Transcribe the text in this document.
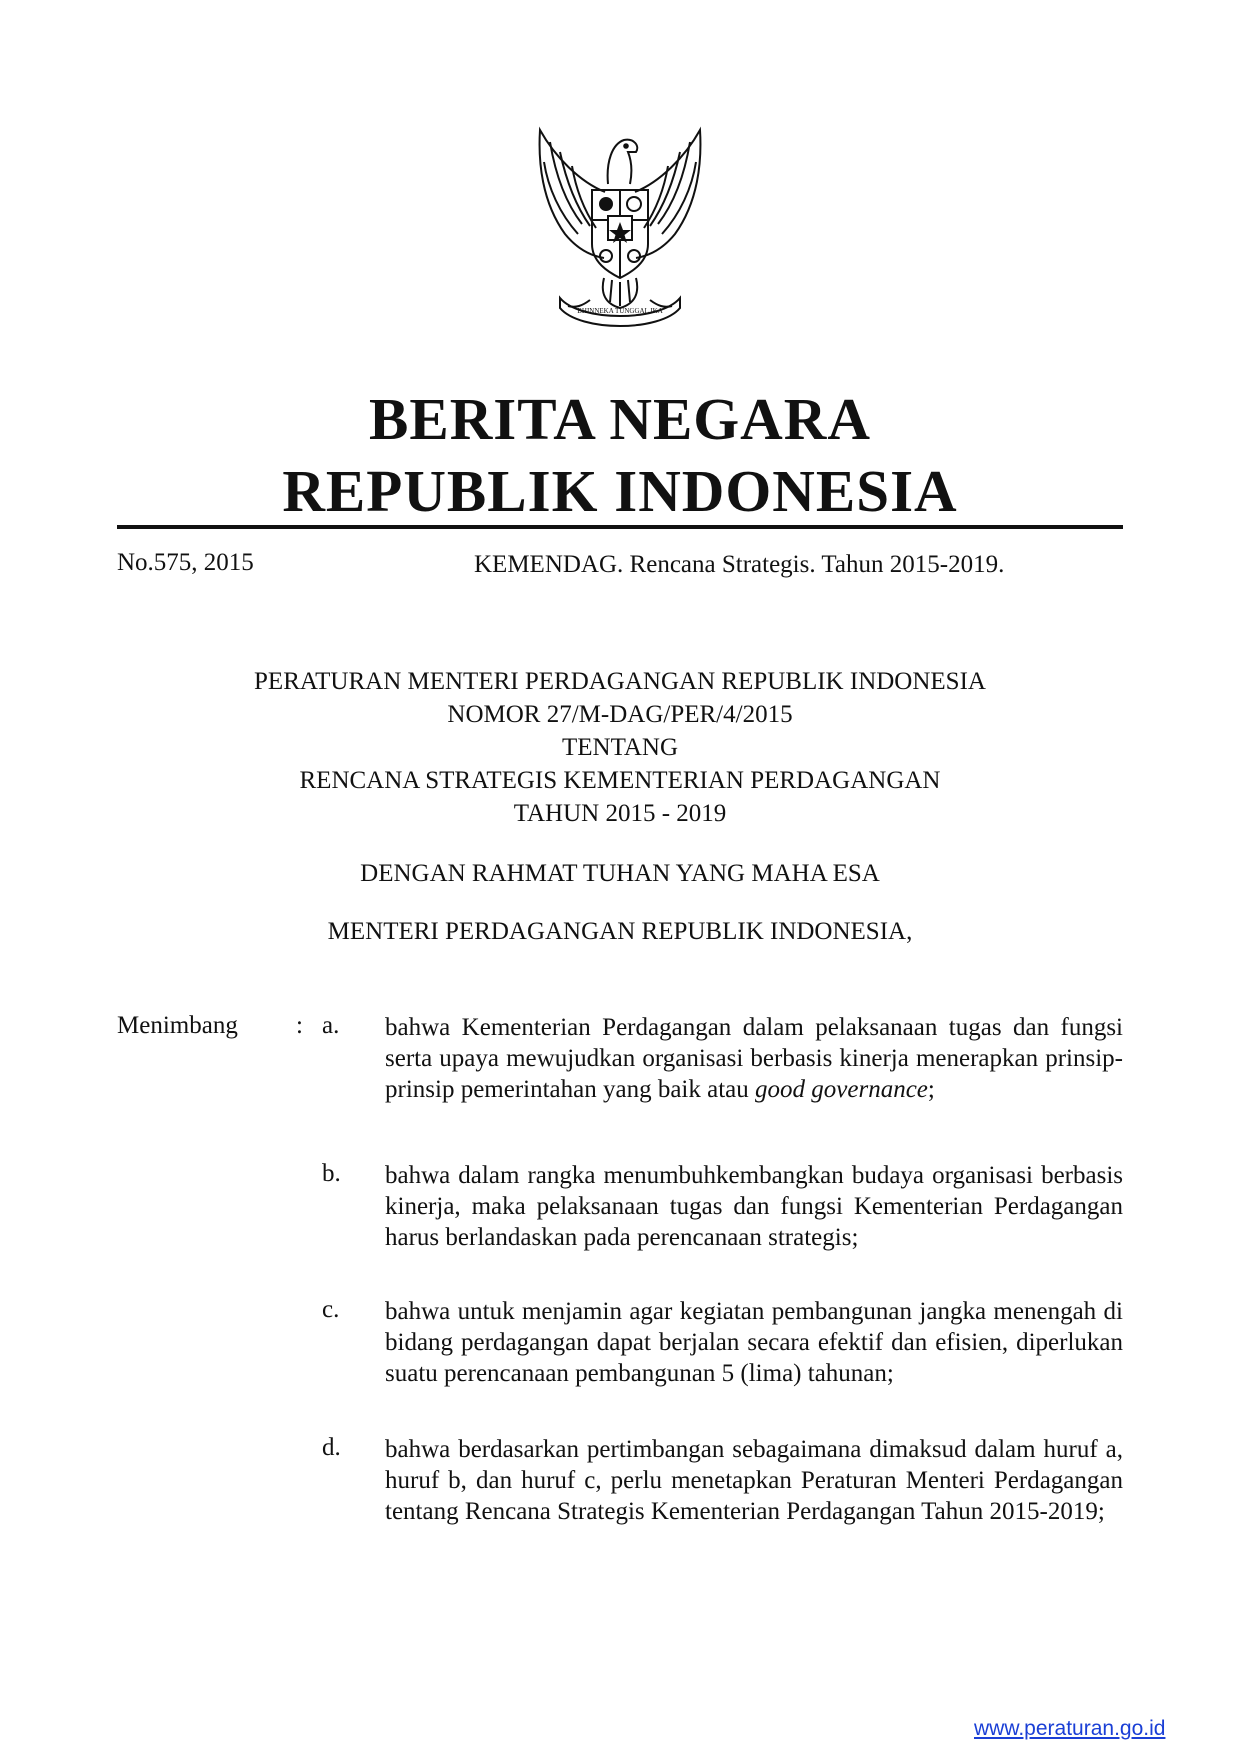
BHINNEKA TUNGGAL IKA
BERITA NEGARA
REPUBLIK INDONESIA
No.575, 2015	KEMENDAG. Rencana Strategis. Tahun 2015-2019.
PERATURAN MENTERI PERDAGANGAN REPUBLIK INDONESIA
NOMOR 27/M-DAG/PER/4/2015
TENTANG
RENCANA STRATEGIS KEMENTERIAN PERDAGANGAN
TAHUN 2015 - 2019
DENGAN RAHMAT TUHAN YANG MAHA ESA
MENTERI PERDAGANGAN REPUBLIK INDONESIA,
Menimbang : a. bahwa Kementerian Perdagangan dalam pelaksanaan tugas dan fungsi serta upaya mewujudkan organisasi berbasis kinerja menerapkan prinsip-prinsip pemerintahan yang baik atau good governance;
b. bahwa dalam rangka menumbuhkembangkan budaya organisasi berbasis kinerja, maka pelaksanaan tugas dan fungsi Kementerian Perdagangan harus berlandaskan pada perencanaan strategis;
c. bahwa untuk menjamin agar kegiatan pembangunan jangka menengah di bidang perdagangan dapat berjalan secara efektif dan efisien, diperlukan suatu perencanaan pembangunan 5 (lima) tahunan;
d. bahwa berdasarkan pertimbangan sebagaimana dimaksud dalam huruf a, huruf b, dan huruf c, perlu menetapkan Peraturan Menteri Perdagangan tentang Rencana Strategis Kementerian Perdagangan Tahun 2015-2019;
www.peraturan.go.id
